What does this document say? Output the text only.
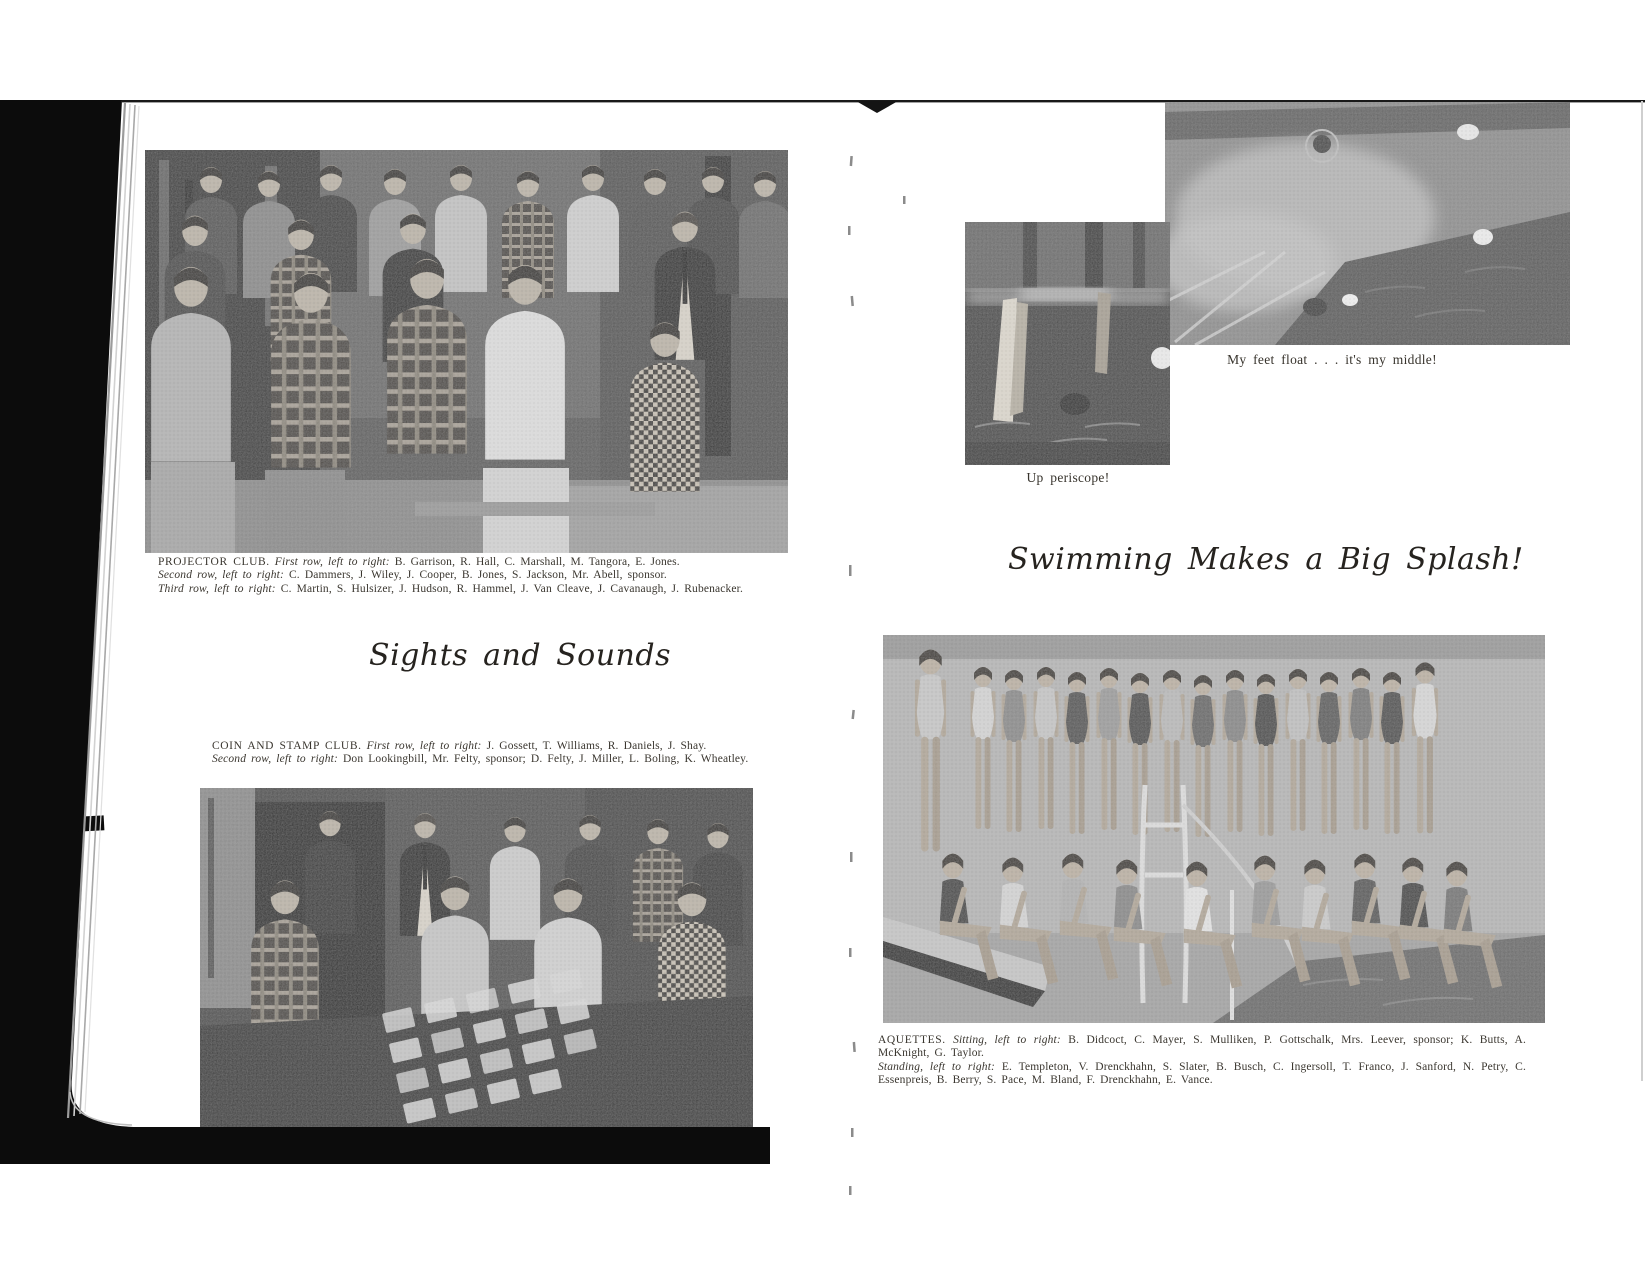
PROJECTOR CLUB. First row, left to right: B. Garrison, R. Hall, C. Marshall, M. Tangora, E. Jones.
Second row, left to right: C. Dammers, J. Wiley, J. Cooper, B. Jones, S. Jackson, Mr. Abell, sponsor.
Third row, left to right: C. Martin, S. Hulsizer, J. Hudson, R. Hammel, J. Van Cleave, J. Cavanaugh, J. Rubenacker.
Sights and Sounds

COIN AND STAMP CLUB. First row, left to right: J. Gossett, T. Williams, R. Daniels, J. Shay.

Second row, left to right: Don Lookingbill, Mr. Felty, sponsor; D. Felty, J. Miller, L. Boling, K. Wheatley.

My feet float . . . it's my middle!
Up periscope!
Swimming Makes a Big Splash!

AQUETTES. Sitting, left to right: B. Didcoct, C. Mayer, S. Mulliken, P. Gottschalk, Mrs. Leever, sponsor; K. Butts, A. McKnight, G. Taylor.

Standing, left to right: E. Templeton, V. Drenckhahn, S. Slater, B. Busch, C. Ingersoll, T. Franco, J. Sanford, N. Petry, C. Essenpreis, B. Berry, S. Pace, M. Bland, F. Drenckhahn, E. Vance.
